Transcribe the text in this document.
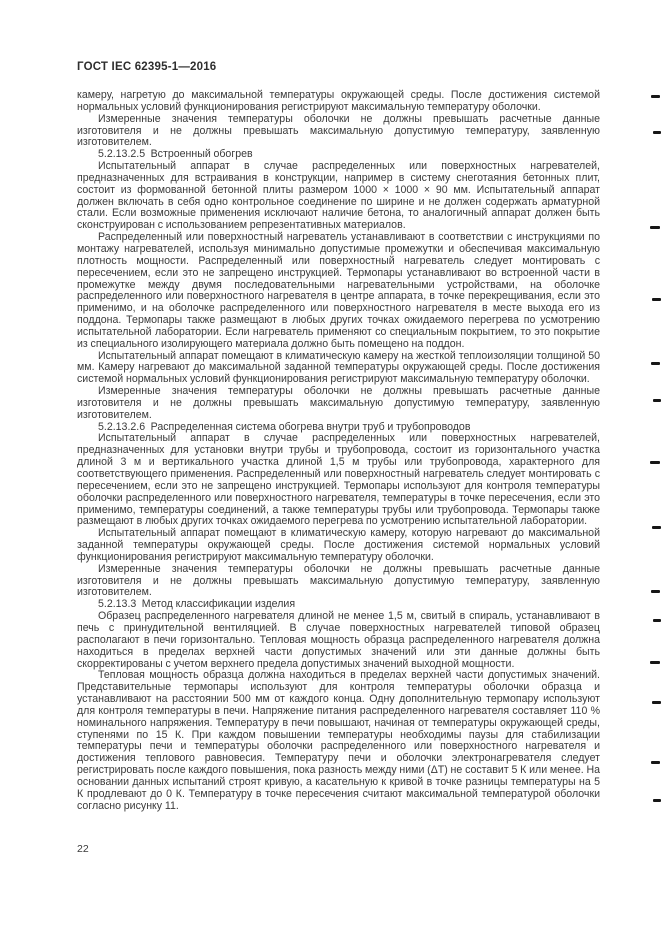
ГОСТ IEC 62395-1—2016

камеру, нагретую до максимальной температуры окружающей среды. После достижения системой нормальных условий функционирования регистрируют максимальную температуру оболочки.

Измеренные значения температуры оболочки не должны превышать расчетные данные изготовителя и не должны превышать максимальную допустимую температуру, заявленную изготовителем.

5.2.13.2.5  Встроенный обогрев

Испытательный аппарат в случае распределенных или поверхностных нагревателей, предназначенных для встраивания в конструкции, например в систему снеготаяния бетонных плит, состоит из формованной бетонной плиты размером 1000 × 1000 × 90 мм. Испытательный аппарат должен включать в себя одно контрольное соединение по ширине и не должен содержать арматурной стали. Если возможные применения исключают наличие бетона, то аналогичный аппарат должен быть сконструирован с использованием репрезентативных материалов.

Распределенный или поверхностный нагреватель устанавливают в соответствии с инструкциями по монтажу нагревателей, используя минимально допустимые промежутки и обеспечивая максимальную плотность мощности. Распределенный или поверхностный нагреватель следует монтировать с пересечением, если это не запрещено инструкцией. Термопары устанавливают во встроенной части в промежутке между двумя последовательными нагревательными устройствами, на оболочке распределенного или поверхностного нагревателя в центре аппарата, в точке перекрещивания, если это применимо, и на оболочке распределенного или поверхностного нагревателя в месте выхода его из поддона. Термопары также размещают в любых других точках ожидаемого перегрева по усмотрению испытательной лаборатории. Если нагреватель применяют со специальным покрытием, то это покрытие из специального изолирующего материала должно быть помещено на поддон.

Испытательный аппарат помещают в климатическую камеру на жесткой теплоизоляции толщиной 50 мм. Камеру нагревают до максимальной заданной температуры окружающей среды. После достижения системой нормальных условий функционирования регистрируют максимальную температуру оболочки.

Измеренные значения температуры оболочки не должны превышать расчетные данные изготовителя и не должны превышать максимальную допустимую температуру, заявленную изготовителем.

5.2.13.2.6  Распределенная система обогрева внутри труб и трубопроводов

Испытательный аппарат в случае распределенных или поверхностных нагревателей, предназначенных для установки внутри трубы и трубопровода, состоит из горизонтального участка длиной 3 м и вертикального участка длиной 1,5 м трубы или трубопровода, характерного для соответствующего применения. Распределенный или поверхностный нагреватель следует монтировать с пересечением, если это не запрещено инструкцией. Термопары используют для контроля температуры оболочки распределенного или поверхностного нагревателя, температуры в точке пересечения, если это применимо, температуры соединений, а также температуры трубы или трубопровода. Термопары также размещают в любых других точках ожидаемого перегрева по усмотрению испытательной лаборатории.

Испытательный аппарат помещают в климатическую камеру, которую нагревают до максимальной заданной температуры окружающей среды. После достижения системой нормальных условий функционирования регистрируют максимальную температуру оболочки.

Измеренные значения температуры оболочки не должны превышать расчетные данные изготовителя и не должны превышать максимальную допустимую температуру, заявленную изготовителем.

5.2.13.3  Метод классификации изделия

Образец распределенного нагревателя длиной не менее 1,5 м, свитый в спираль, устанавливают в печь с принудительной вентиляцией. В случае поверхностных нагревателей типовой образец располагают в печи горизонтально. Тепловая мощность образца распределенного нагревателя должна находиться в пределах верхней части допустимых значений или эти данные должны быть скорректированы с учетом верхнего предела допустимых значений выходной мощности.

Тепловая мощность образца должна находиться в пределах верхней части допустимых значений. Представительные термопары используют для контроля температуры оболочки образца и устанавливают на расстоянии 500 мм от каждого конца. Одну дополнительную термопару используют для контроля температуры в печи. Напряжение питания распределенного нагревателя составляет 110 % номинального напряжения. Температуру в печи повышают, начиная от температуры окружающей среды, ступенями по 15 К. При каждом повышении температуры необходимы паузы для стабилизации температуры печи и температуры оболочки распределенного или поверхностного нагревателя и достижения теплового равновесия. Температуру печи и оболочки электронагревателя следует регистрировать после каждого повышения, пока разность между ними (ΔT) не составит 5 К или менее. На основании данных испытаний строят кривую, а касательную к кривой в точке разницы температуры на 5 К продлевают до 0 К. Температуру в точке пересечения считают максимальной температурой оболочки согласно рисунку 11.

22
